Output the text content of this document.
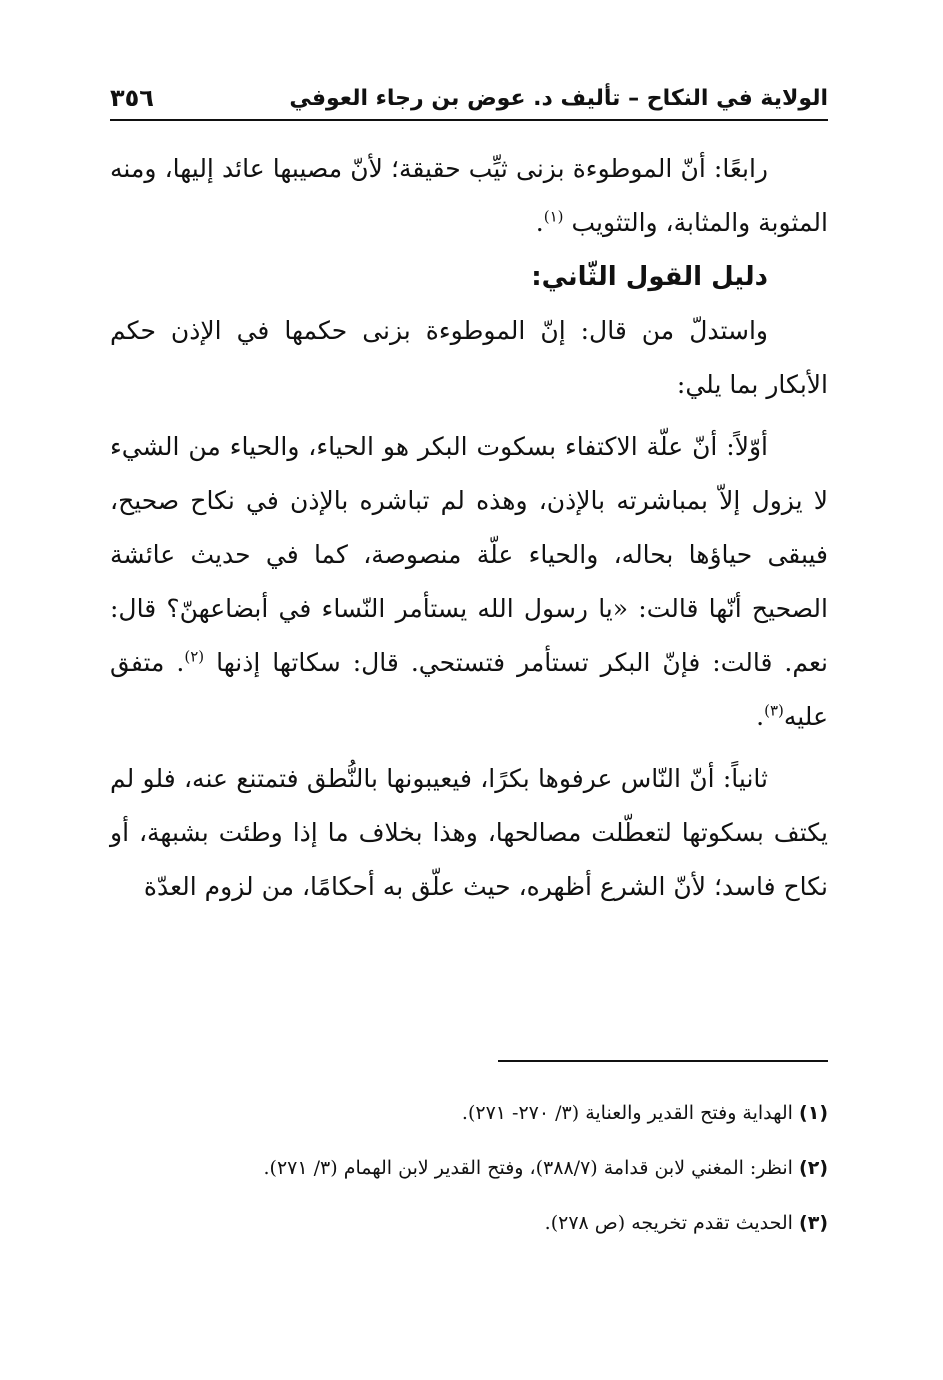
الولاية في النكاح – تأليف د. عوض بن رجاء العوفي
٣٥٦

رابعًا: أنّ الموطوءة بزنى ثيِّب حقيقة؛ لأنّ مصيبها عائد إليها، ومنه المثوبة والمثابة، والتثويب $^{(١)}$.

دليل القول الثّاني:

واستدلّ من قال: إنّ الموطوءة بزنى حكمها في الإذن حكم الأبكار بما يلي:

أوّلاً: أنّ علّة الاكتفاء بسكوت البكر هو الحياء، والحياء من الشيء لا يزول إلاّ بمباشرته بالإذن، وهذه لم تباشره بالإذن في نكاح صحيح، فيبقى حياؤها بحاله، والحياء علّة منصوصة، كما في حديث عائشة الصحيح أنّها قالت: «يا رسول الله يستأمر النّساء في أبضاعهنّ؟ قال: نعم. قالت: فإنّ البكر تستأمر فتستحي. قال: سكاتها إذنها $^{(٢)}$. متفق عليه$^{(٣)}$.

ثانياً: أنّ النّاس عرفوها بكرًا، فيعيبونها بالنُّطق فتمتنع عنه، فلو لم يكتف بسكوتها لتعطّلت مصالحها، وهذا بخلاف ما إذا وطئت بشبهة، أو نكاح فاسد؛ لأنّ الشرع أظهره، حيث علّق به أحكامًا، من لزوم العدّة

(١) الهداية وفتح القدير والعناية (٣/ ٢٧٠- ٢٧١).

(٢) انظر: المغني لابن قدامة (٣٨٨/٧)، وفتح القدير لابن الهمام (٣/ ٢٧١).

(٣) الحديث تقدم تخريجه (ص ٢٧٨).
